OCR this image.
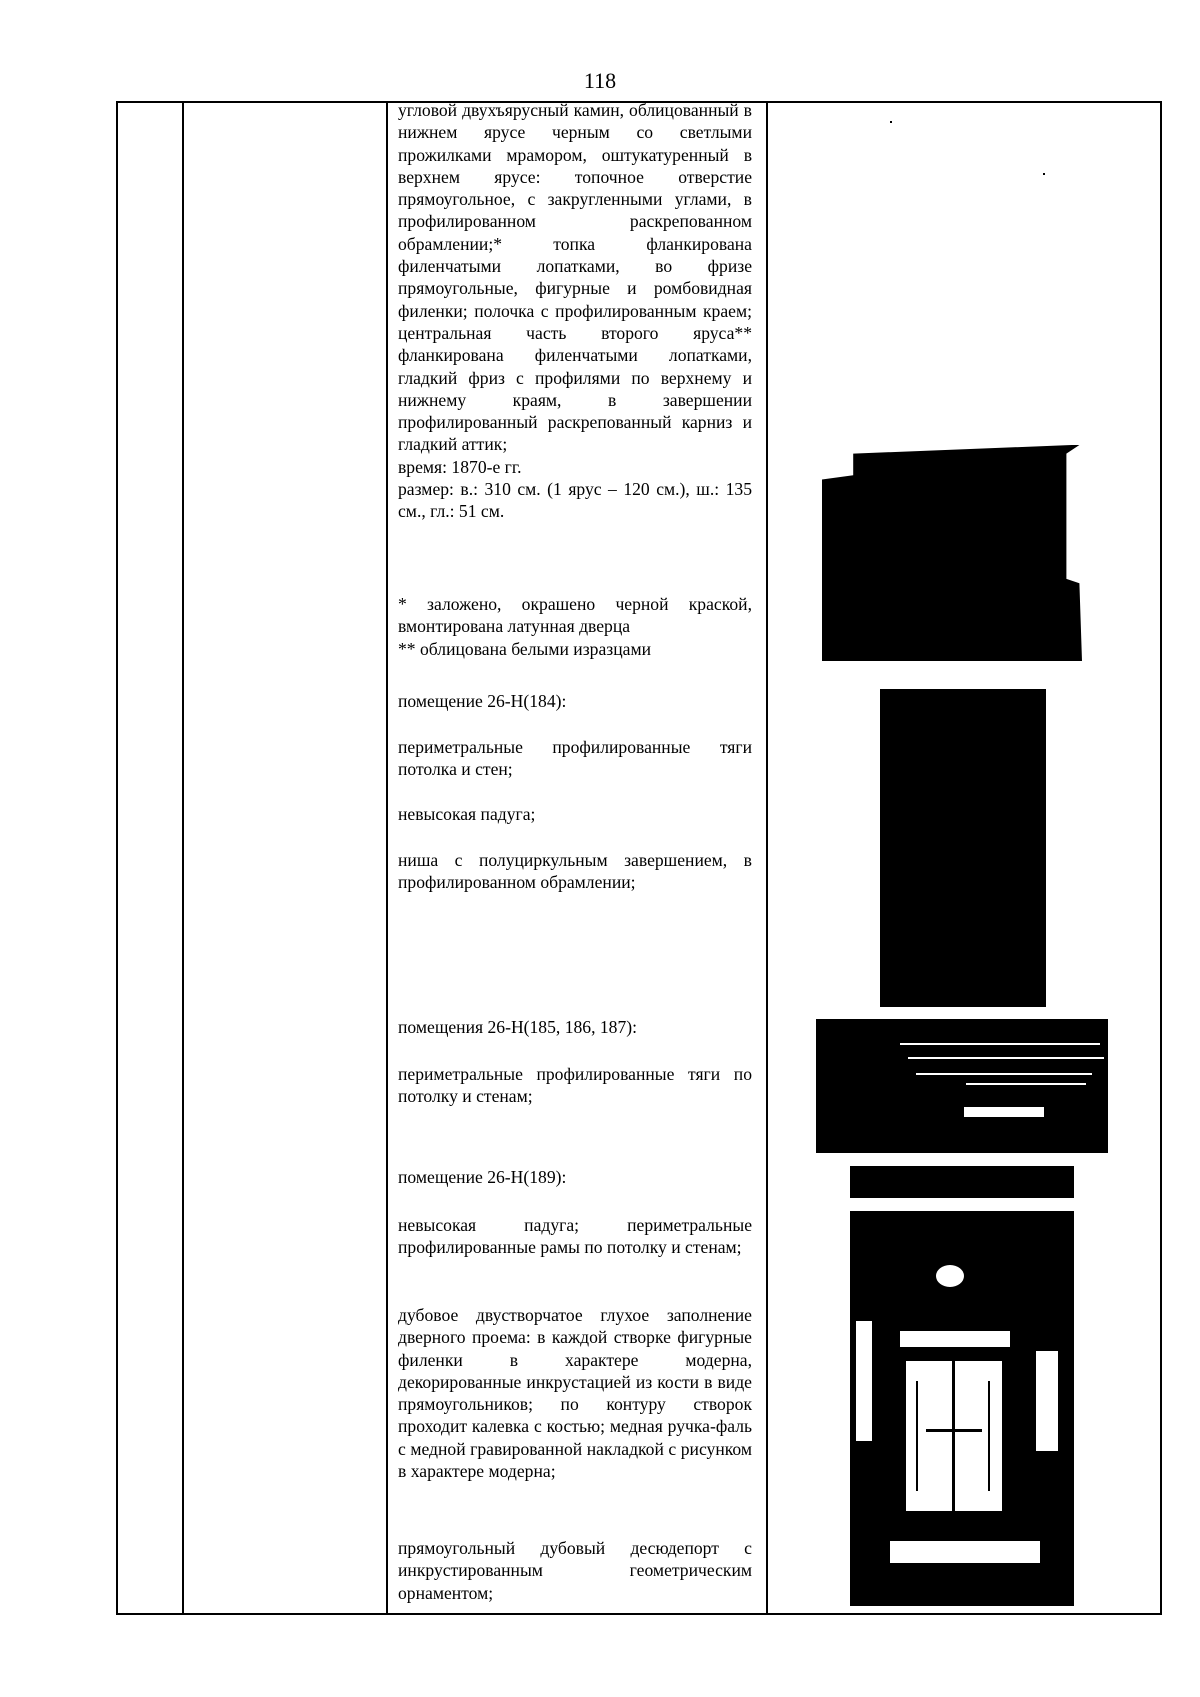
118

угловой двухъярусный камин, облицованный в нижнем ярусе черным со светлыми прожилками мрамором, оштукатуренный в верхнем ярусе: топочное отверстие прямоугольное, с закругленными углами, в профилированном раскрепованном обрамлении;* топка фланкирована филенчатыми лопатками, во фризе прямоугольные, фигурные и ромбовидная филенки; полочка с профилированным краем; центральная часть второго яруса** фланкирована филенчатыми лопатками, гладкий фриз с профилями по верхнему и нижнему краям, в завершении профилированный раскрепованный карниз и гладкий аттик;

время: 1870-е гг.

размер: в.: 310 см. (1 ярус – 120 см.), ш.: 135 см., гл.: 51 см.

* заложено, окрашено черной краской, вмонтирована латунная дверца

** облицована белыми изразцами

помещение 26-Н(184):

периметральные профилированные тяги потолка и стен;

невысокая падуга;

ниша с полуциркульным завершением, в профилированном обрамлении;

помещения 26-Н(185, 186, 187):

периметральные профилированные тяги по потолку и стенам;

помещение 26-Н(189):

невысокая падуга; периметральные профилированные рамы по потолку и стенам;

дубовое двустворчатое глухое заполнение дверного проема: в каждой створке фигурные филенки в характере модерна, декорированные инкрустацией из кости в виде прямоугольников; по контуру створок проходит калевка с костью; медная ручка-фаль с медной гравированной накладкой с рисунком в характере модерна;

прямоугольный дубовый десюдепорт с инкрустированным геометрическим орнаментом;
